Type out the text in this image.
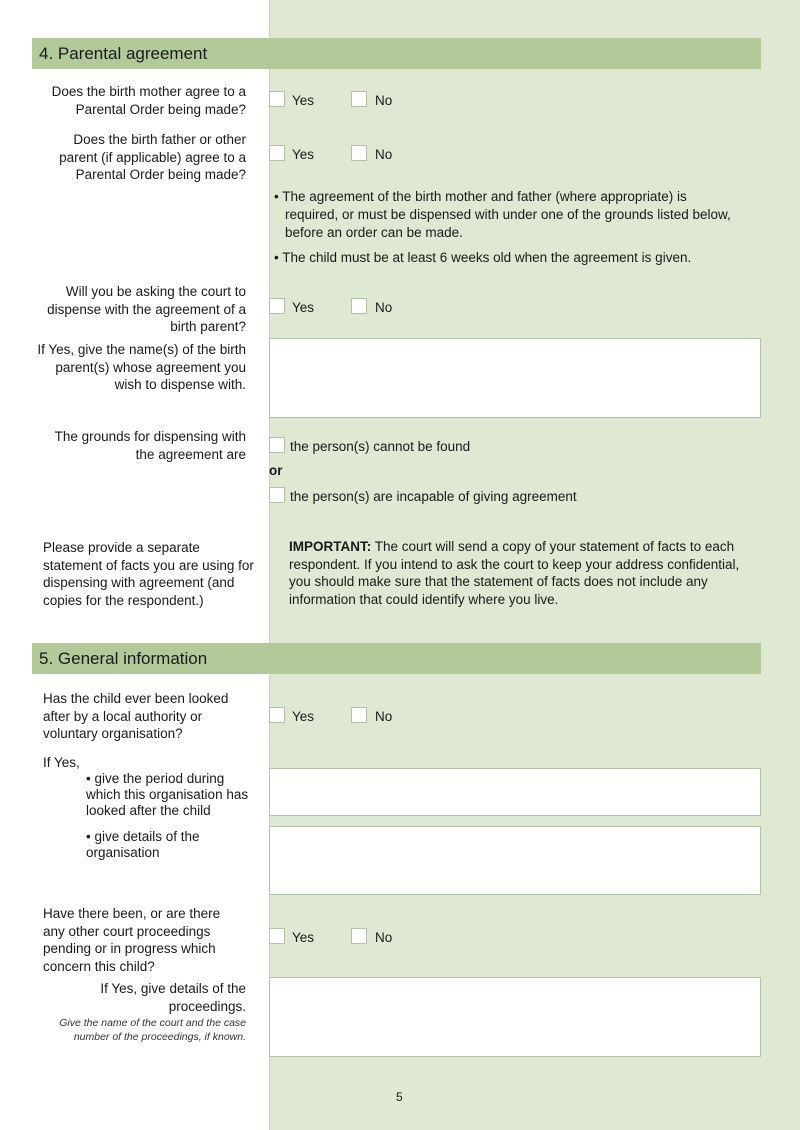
4. Parental agreement
Does the birth mother agree to a Parental Order being made?
Yes	No
Does the birth father or other parent (if applicable) agree to a Parental Order being made?
Yes	No
• The agreement of the birth mother and father (where appropriate) is
required, or must be dispensed with under one of the grounds listed below,
before an order can be made.
• The child must be at least 6 weeks old when the agreement is given.
Will you be asking the court to dispense with the agreement of a birth parent?
Yes	No
If Yes, give the name(s) of the birth parent(s) whose agreement you wish to dispense with.
The grounds for dispensing with the agreement are	the person(s) cannot be found
or
the person(s) are incapable of giving agreement
Please provide a separate statement of facts you are using for dispensing with agreement (and copies for the respondent.)
IMPORTANT: The court will send a copy of your statement of facts to each respondent. If you intend to ask the court to keep your address confidential, you should make sure that the statement of facts does not include any information that could identify where you live.
5. General information
Has the child ever been looked after by a local authority or voluntary organisation?
Yes	No
If Yes,
• give the period during which this organisation has looked after the child
• give details of the organisation
Have there been, or are there any other court proceedings pending or in progress which concern this child?
Yes	No
If Yes, give details of the proceedings.
Give the name of the court and the case number of the proceedings, if known.
5
